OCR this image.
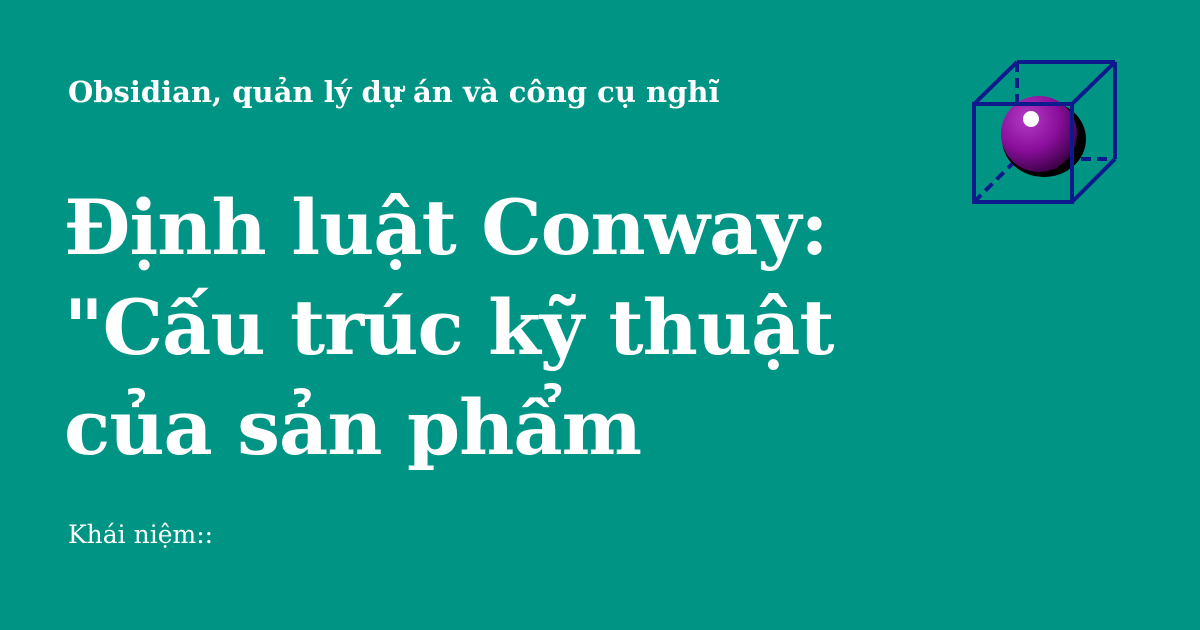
Obsidian, quản lý dự án và công cụ nghĩ
Định luật Conway: "Cấu trúc kỹ thuật của sản phẩm
Khái niệm::
